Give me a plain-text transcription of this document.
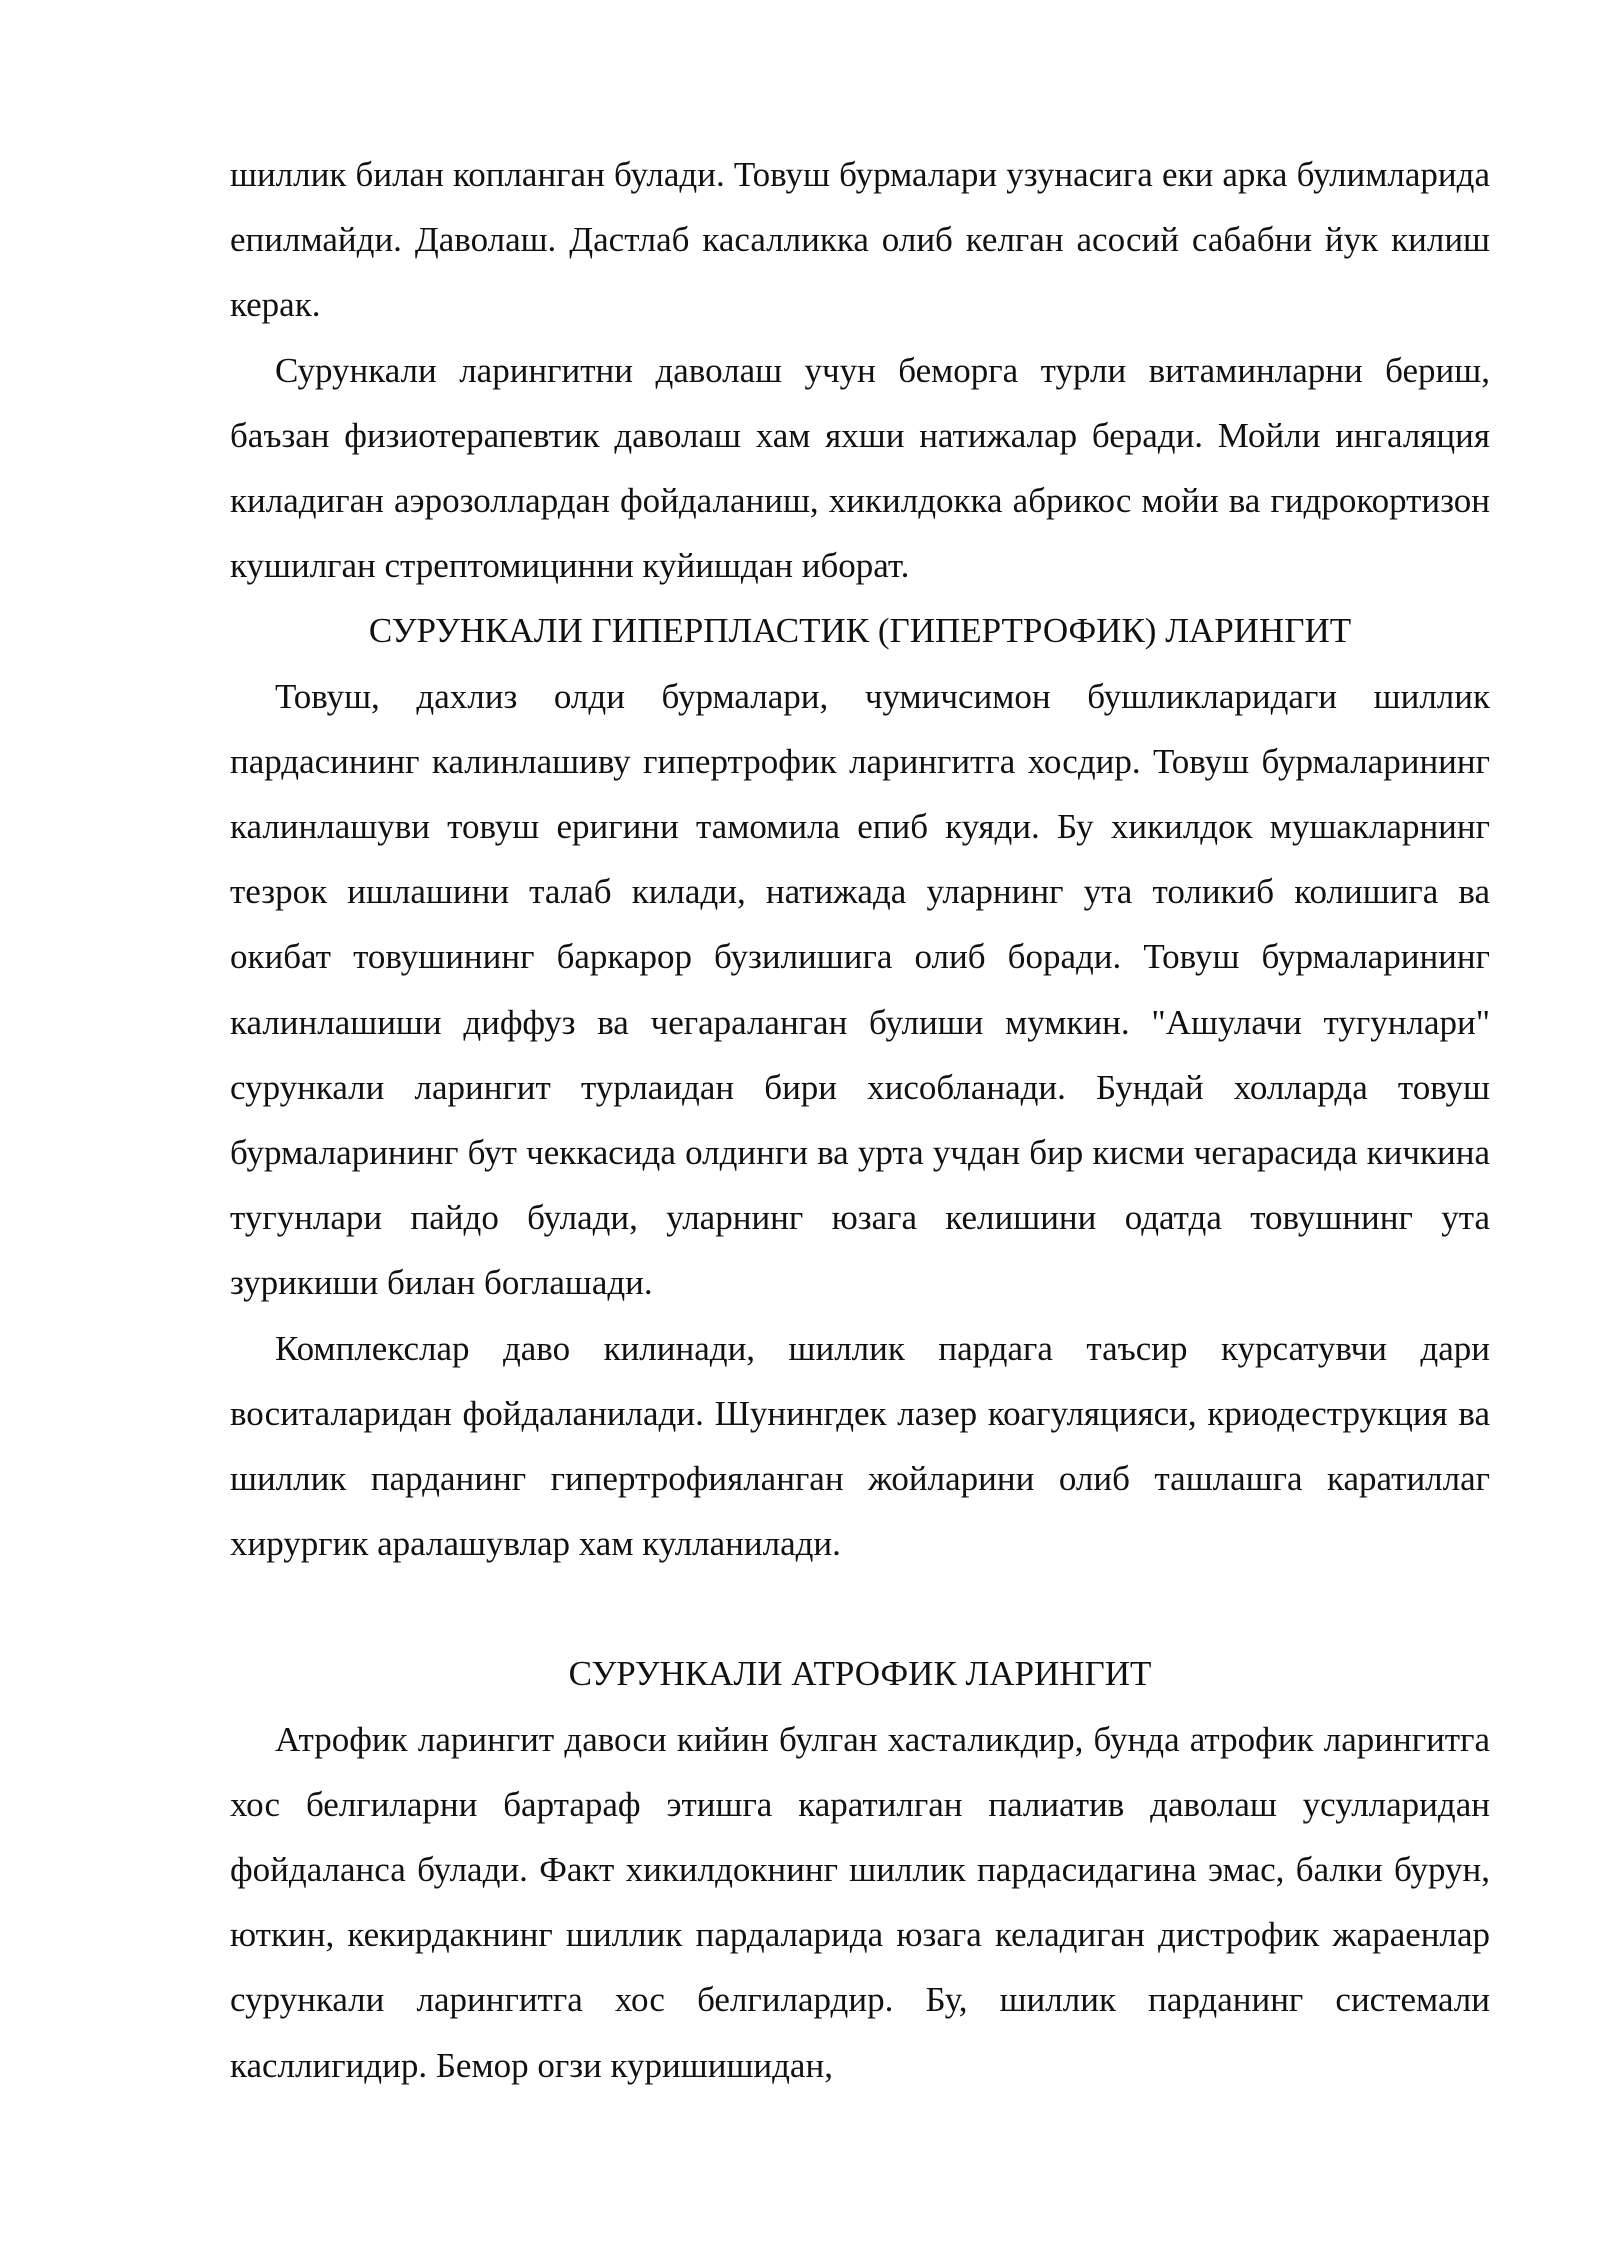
шиллик билан копланган булади. Товуш бурмалари узунасига еки арка булимларида епилмайди. Даволаш. Дастлаб касалликка олиб келган асосий сабабни йук килиш керак.

Сурункали ларингитни даволаш учун беморга турли витаминларни бериш, баъзан физиотерапевтик даволаш хам яхши натижалар беради. Мойли ингаляция киладиган аэрозоллардан фойдаланиш, хикилдокка абрикос мойи ва гидрокортизон кушилган стрептомицинни куйишдан иборат.

СУРУНКАЛИ ГИПЕРПЛАСТИК (ГИПЕРТРОФИК) ЛАРИНГИТ

Товуш, дахлиз олди бурмалари, чумичсимон бушликларидаги шиллик пардасининг калинлашиву гипертрофик ларингитга хосдир. Товуш бурмаларининг калинлашуви товуш еригини тамомила епиб куяди. Бу хикилдок мушакларнинг тезрок ишлашини талаб килади, натижада уларнинг ута толикиб колишига ва окибат товушининг баркарор бузилишига олиб боради. Товуш бурмаларининг калинлашиши диффуз ва чегараланган булиши мумкин. "Ашулачи тугунлари" сурункали ларингит турлаидан бири хисобланади. Бундай холларда товуш бурмаларининг бут чеккасида олдинги ва урта учдан бир кисми чегарасида кичкина тугунлари пайдо булади, уларнинг юзага келишини одатда товушнинг ута зурикиши билан боглашади.

Комплекслар даво килинади, шиллик пардага таъсир курсатувчи дари воситаларидан фойдаланилади. Шунингдек лазер коагуляцияси, криодеструкция ва шиллик парданинг гипертрофияланган жойларини олиб ташлашга каратиллаг хирургик аралашувлар хам кулланилади.

СУРУНКАЛИ АТРОФИК ЛАРИНГИТ

Атрофик ларингит давоси кийин булган хасталикдир, бунда атрофик ларингитга хос белгиларни бартараф этишга каратилган палиатив даволаш усулларидан фойдаланса булади. Факт хикилдокнинг шиллик пардасидагина эмас, балки бурун, юткин, кекирдакнинг шиллик пардаларида юзага келадиган дистрофик жараенлар сурункали ларингитга хос белгилардир. Бу, шиллик парданинг системали касллигидир. Бемор огзи куришишидан,
